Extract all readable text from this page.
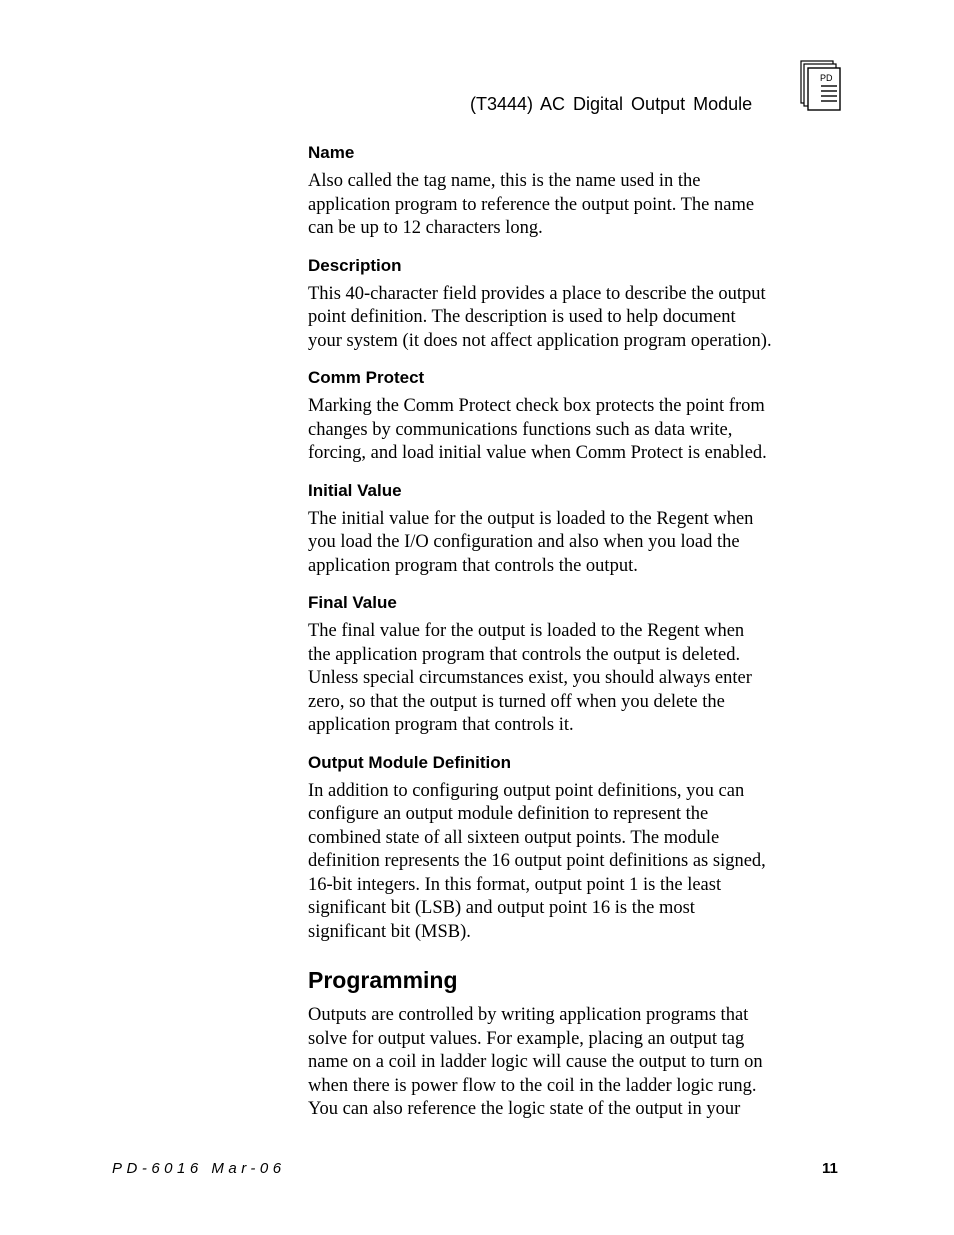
(T3444) AC Digital Output Module
PD
Name
Also called the tag name, this is the name used in the
application program to reference the output point. The name
can be up to 12 characters long.
Description
This 40-character field provides a place to describe the output
point definition. The description is used to help document
your system (it does not affect application program operation).
Comm Protect
Marking the Comm Protect check box protects the point from
changes by communications functions such as data write,
forcing, and load initial value when Comm Protect is enabled.
Initial Value
The initial value for the output is loaded to the Regent when
you load the I/O configuration and also when you load the
application program that controls the output.
Final Value
The final value for the output is loaded to the Regent when
the application program that controls the output is deleted.
Unless special circumstances exist, you should always enter
zero, so that the output is turned off when you delete the
application program that controls it.
Output Module Definition
In addition to configuring output point definitions, you can
configure an output module definition to represent the
combined state of all sixteen output points. The module
definition represents the 16 output point definitions as signed,
16-bit integers. In this format, output point 1 is the least
significant bit (LSB) and output point 16 is the most
significant bit (MSB).
Programming
Outputs are controlled by writing application programs that
solve for output values. For example, placing an output tag
name on a coil in ladder logic will cause the output to turn on
when there is power flow to the coil in the ladder logic rung.
You can also reference the logic state of the output in your
PD-6016 Mar-06	11
